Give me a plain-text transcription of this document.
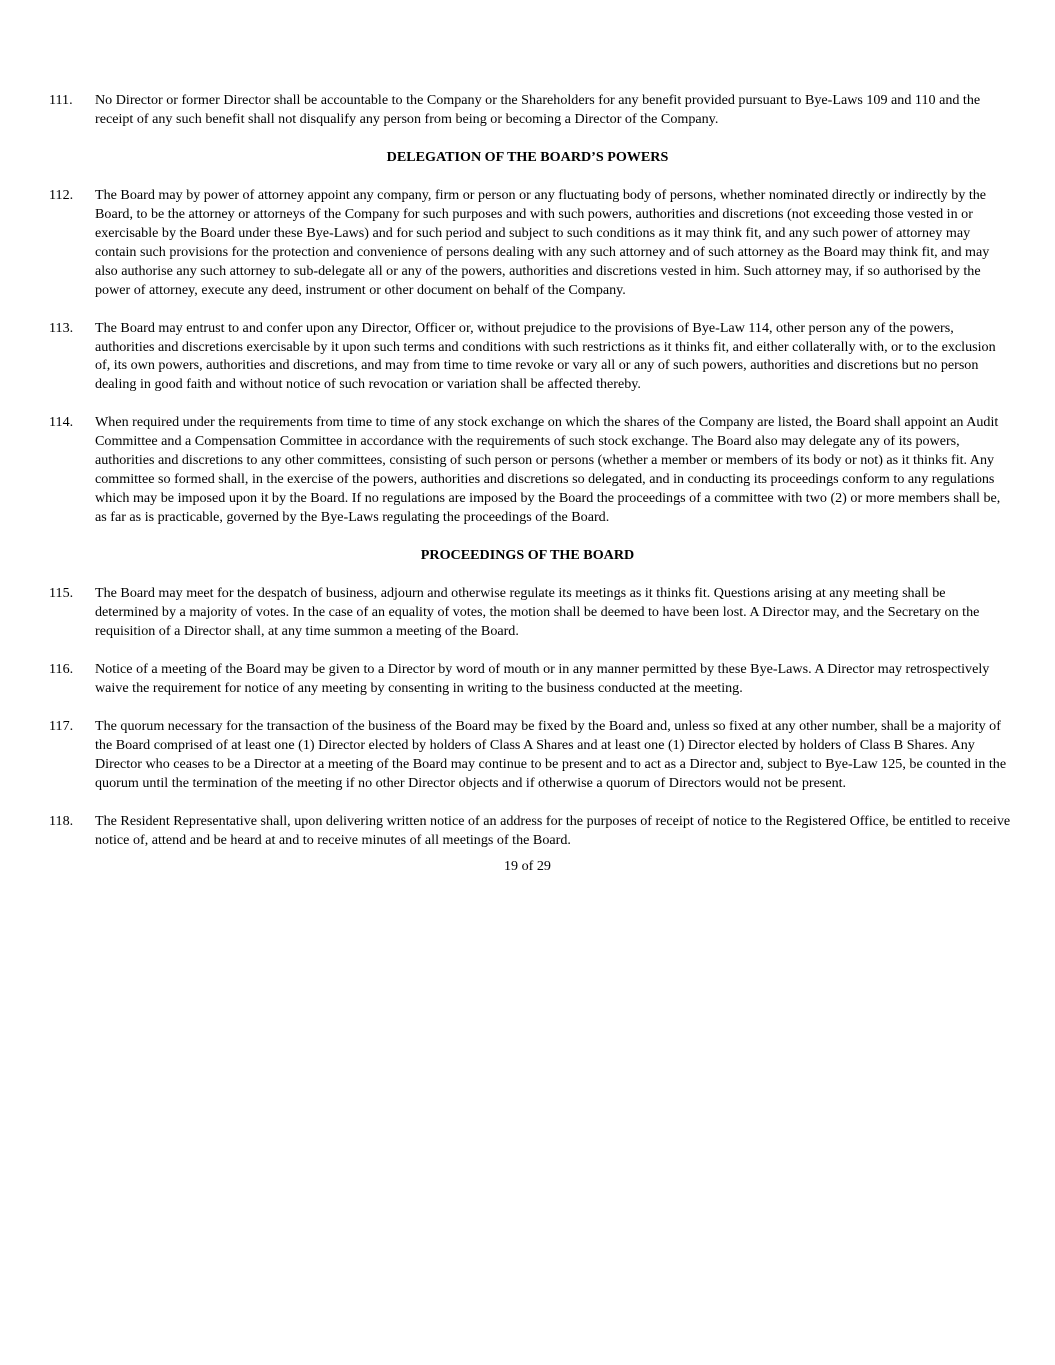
111. No Director or former Director shall be accountable to the Company or the Shareholders for any benefit provided pursuant to Bye-Laws 109 and 110 and the receipt of any such benefit shall not disqualify any person from being or becoming a Director of the Company.
DELEGATION OF THE BOARD’S POWERS
112. The Board may by power of attorney appoint any company, firm or person or any fluctuating body of persons, whether nominated directly or indirectly by the Board, to be the attorney or attorneys of the Company for such purposes and with such powers, authorities and discretions (not exceeding those vested in or exercisable by the Board under these Bye-Laws) and for such period and subject to such conditions as it may think fit, and any such power of attorney may contain such provisions for the protection and convenience of persons dealing with any such attorney and of such attorney as the Board may think fit, and may also authorise any such attorney to sub-delegate all or any of the powers, authorities and discretions vested in him. Such attorney may, if so authorised by the power of attorney, execute any deed, instrument or other document on behalf of the Company.
113. The Board may entrust to and confer upon any Director, Officer or, without prejudice to the provisions of Bye-Law 114, other person any of the powers, authorities and discretions exercisable by it upon such terms and conditions with such restrictions as it thinks fit, and either collaterally with, or to the exclusion of, its own powers, authorities and discretions, and may from time to time revoke or vary all or any of such powers, authorities and discretions but no person dealing in good faith and without notice of such revocation or variation shall be affected thereby.
114. When required under the requirements from time to time of any stock exchange on which the shares of the Company are listed, the Board shall appoint an Audit Committee and a Compensation Committee in accordance with the requirements of such stock exchange. The Board also may delegate any of its powers, authorities and discretions to any other committees, consisting of such person or persons (whether a member or members of its body or not) as it thinks fit. Any committee so formed shall, in the exercise of the powers, authorities and discretions so delegated, and in conducting its proceedings conform to any regulations which may be imposed upon it by the Board. If no regulations are imposed by the Board the proceedings of a committee with two (2) or more members shall be, as far as is practicable, governed by the Bye-Laws regulating the proceedings of the Board.
PROCEEDINGS OF THE BOARD
115. The Board may meet for the despatch of business, adjourn and otherwise regulate its meetings as it thinks fit. Questions arising at any meeting shall be determined by a majority of votes. In the case of an equality of votes, the motion shall be deemed to have been lost. A Director may, and the Secretary on the requisition of a Director shall, at any time summon a meeting of the Board.
116. Notice of a meeting of the Board may be given to a Director by word of mouth or in any manner permitted by these Bye-Laws. A Director may retrospectively waive the requirement for notice of any meeting by consenting in writing to the business conducted at the meeting.
117. The quorum necessary for the transaction of the business of the Board may be fixed by the Board and, unless so fixed at any other number, shall be a majority of the Board comprised of at least one (1) Director elected by holders of Class A Shares and at least one (1) Director elected by holders of Class B Shares. Any Director who ceases to be a Director at a meeting of the Board may continue to be present and to act as a Director and, subject to Bye-Law 125, be counted in the quorum until the termination of the meeting if no other Director objects and if otherwise a quorum of Directors would not be present.
118. The Resident Representative shall, upon delivering written notice of an address for the purposes of receipt of notice to the Registered Office, be entitled to receive notice of, attend and be heard at and to receive minutes of all meetings of the Board.
19 of 29
